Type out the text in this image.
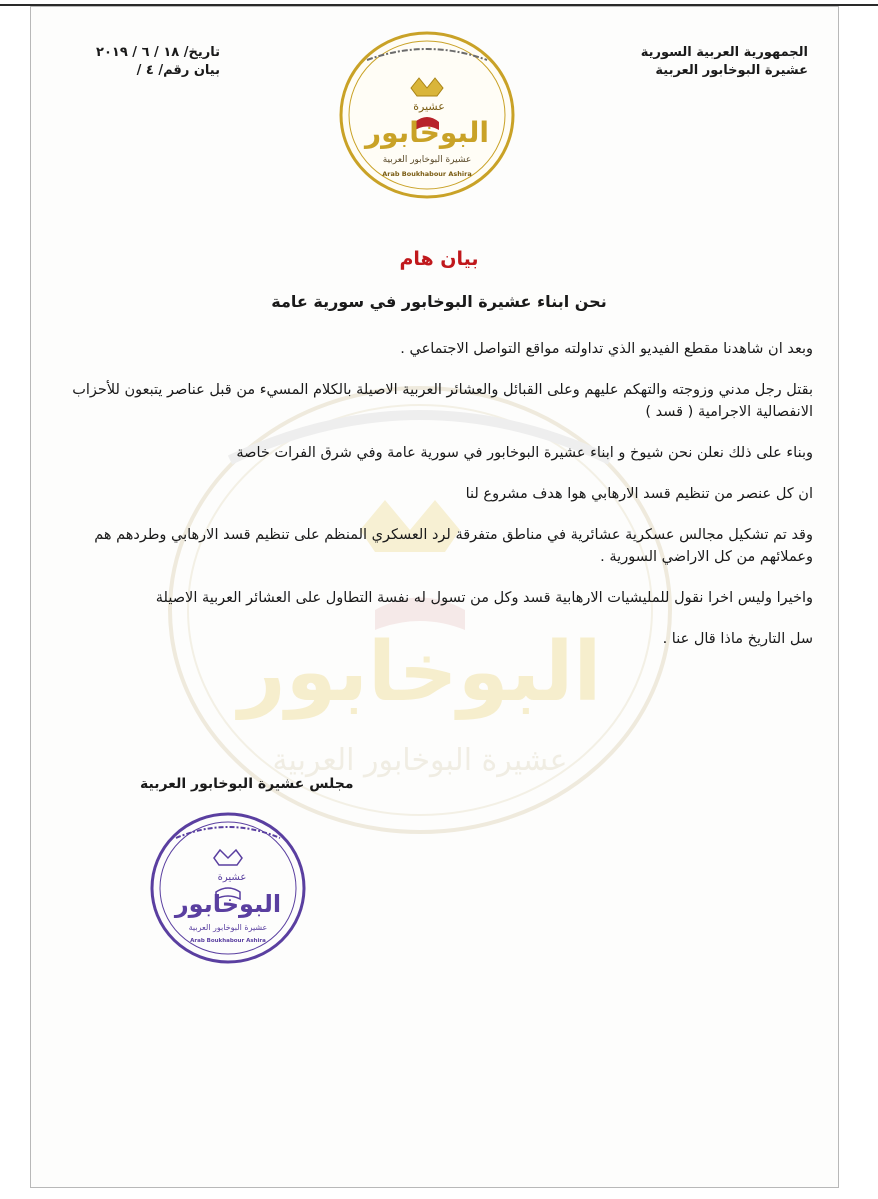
الجمهورية العربية السورية
عشيرة البوخابور العربية
تاريخ/ ١٨ / ٦ / ٢٠١٩
بيان رقم/ ٤ /
عشيرة
البوخابور
عشيرة البوخابور العربية
Arab Boukhabour Ashira
البوخابور
عشيرة البوخابور العربية
بيان هام
نحن ابناء عشيرة البوخابور في سورية عامة

وبعد ان شاهدنا مقطع الفيديو الذي تداولته مواقع التواصل الاجتماعي .

بقتل رجل مدني وزوجته والتهكم عليهم وعلى القبائل والعشائر العربية الاصيلة بالكلام المسيء من قبل عناصر يتبعون للأحزاب الانفصالية الاجرامية ( قسد )

وبناء على ذلك نعلن نحن شيوخ و ابناء عشيرة البوخابور في سورية عامة وفي شرق الفرات خاصة

ان كل عنصر من تنظيم قسد الارهابي هوا هدف مشروع لنا

وقد تم تشكيل مجالس عسكرية عشائرية في مناطق متفرقة لرد العسكري المنظم على تنظيم قسد الارهابي وطردهم هم وعملائهم من كل الاراضي السورية .

واخيرا وليس اخرا نقول للمليشيات الارهابية قسد وكل من تسول له نفسة التطاول على العشائر العربية الاصيلة

سل التاريخ ماذا قال عنا .

مجلس عشيرة البوخابور العربية
عشيرة
البوخابور
عشيرة البوخابور العربية
Arab Boukhabour Ashira
